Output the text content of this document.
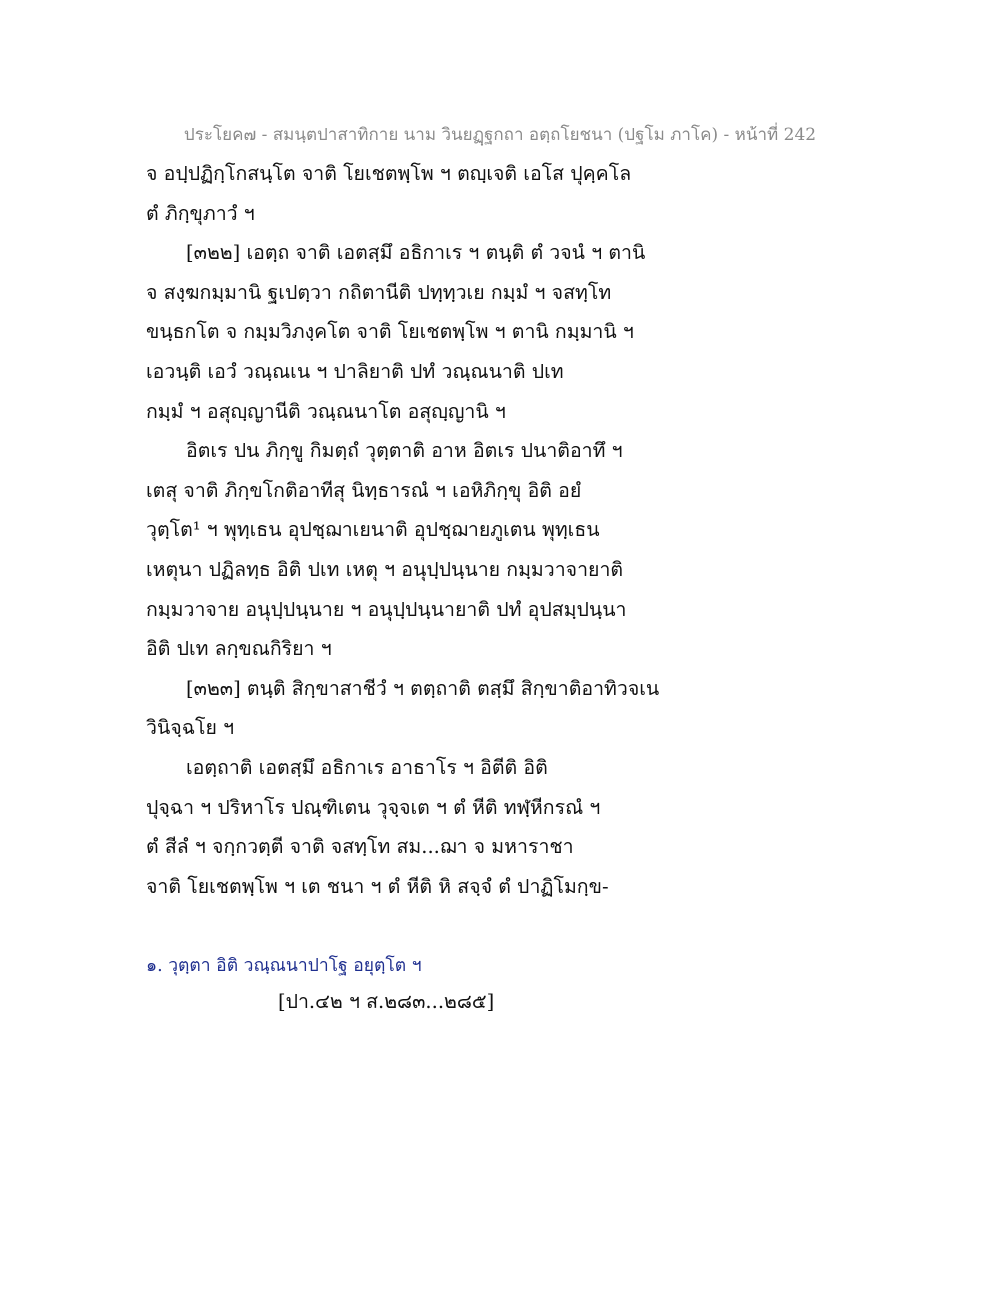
ประโยค๗ - สมนฺตปาสาทิกาย นาม วินยฏฺฐกถา อตฺถโยชนา (ปฐโม ภาโค) - หน้าที่ 242
จ อปฺปฏิกฺโกสนฺโต จาติ โยเชตพฺโพ ฯ ตญฺเจติ เอโส ปุคฺคโล
ตํ ภิกฺขุภาวํ ฯ
[๓๒๒] เอตฺถ จาติ เอตสฺมึ อธิกาเร ฯ ตนฺติ ตํ วจนํ ฯ ตานิ
จ สงฺฆกมฺมานิ ฐเปตฺวา กถิตานีติ ปทฺทฺวเย กมฺมํ ฯ จสทฺโท
ขนฺธกโต จ กมฺมวิภงฺคโต จาติ โยเชตพฺโพ ฯ ตานิ กมฺมานิ ฯ
เอวนฺติ เอวํ วณฺณเน ฯ ปาลิยาติ ปทํ วณฺณนาติ ปเท
กมฺมํ ฯ อสุญฺญานีติ วณฺณนาโต อสุญฺญานิ ฯ
อิตเร ปน ภิกฺขู กิมตฺถํ วุตฺตาติ อาห อิตเร ปนาติอาทึ ฯ
เตสุ จาติ ภิกฺขโกติอาทีสุ นิทฺธารณํ ฯ เอหิภิกฺขุ อิติ อยํ
วุตฺโต¹ ฯ พุทฺเธน อุปชฺฌาเยนาติ อุปชฺฌายภูเตน พุทฺเธน
เหตุนา ปฏิลทฺธ อิติ ปเท เหตุ ฯ อนุปฺปนฺนาย กมฺมวาจายาติ
กมฺมวาจาย อนุปฺปนฺนาย ฯ อนุปฺปนฺนายาติ ปทํ อุปสมฺปนฺนา
อิติ ปเท ลกฺขณกิริยา ฯ
[๓๒๓] ตนฺติ สิกฺขาสาชีวํ ฯ ตตฺถาติ ตสฺมึ สิกฺขาติอาทิวจเน
วินิจฺฉโย ฯ
เอตฺถาติ เอตสฺมึ อธิกาเร อาธาโร ฯ อิตีติ อิติ
ปุจฺฉา ฯ ปริหาโร ปณฺฑิเตน วุจฺจเต ฯ ตํ หีติ ทฬฺหีกรณํ ฯ
ตํ สีลํ ฯ จกฺกวตฺตี จาติ จสทฺโท สม...ฌา จ มหาราชา
จาติ โยเชตพฺโพ ฯ เต ชนา ฯ ตํ หีติ หิ สจฺจํ ตํ ปาฏิโมกฺข-
๑. วุตฺตา อิติ วณฺณนาปาโฐ อยุตฺโต ฯ
[ปา.๔๒ ฯ ส.๒๘๓...๒๘๕]
